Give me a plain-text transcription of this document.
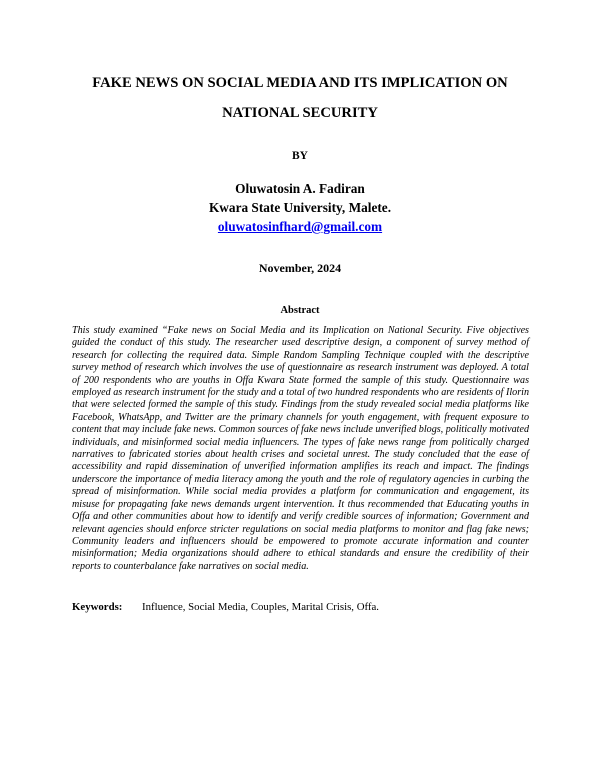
FAKE NEWS ON SOCIAL MEDIA AND ITS IMPLICATION ON NATIONAL SECURITY
BY
Oluwatosin A. Fadiran
Kwara State University, Malete.
oluwatosinfhard@gmail.com
November, 2024
Abstract

This study examined “Fake news on Social Media and its Implication on National Security. Five objectives guided the conduct of this study. The researcher used descriptive design, a component of survey method of research for collecting the required data. Simple Random Sampling Technique coupled with the descriptive survey method of research which involves the use of questionnaire as research instrument was deployed. A total of 200 respondents who are youths in Offa Kwara State formed the sample of this study. Questionnaire was employed as research instrument for the study and a total of two hundred respondents who are residents of Ilorin that were selected formed the sample of this study. Findings from the study revealed social media platforms like Facebook, WhatsApp, and Twitter are the primary channels for youth engagement, with frequent exposure to content that may include fake news. Common sources of fake news include unverified blogs, politically motivated individuals, and misinformed social media influencers. The types of fake news range from politically charged narratives to fabricated stories about health crises and societal unrest. The study concluded that the ease of accessibility and rapid dissemination of unverified information amplifies its reach and impact. The findings underscore the importance of media literacy among the youth and the role of regulatory agencies in curbing the spread of misinformation. While social media provides a platform for communication and engagement, its misuse for propagating fake news demands urgent intervention. It thus recommended that Educating youths in Offa and other communities about how to identify and verify credible sources of information; Government and relevant agencies should enforce stricter regulations on social media platforms to monitor and flag fake news; Community leaders and influencers should be empowered to promote accurate information and counter misinformation; Media organizations should adhere to ethical standards and ensure the credibility of their reports to counterbalance fake narratives on social media.

Keywords: Influence, Social Media, Couples, Marital Crisis, Offa.
